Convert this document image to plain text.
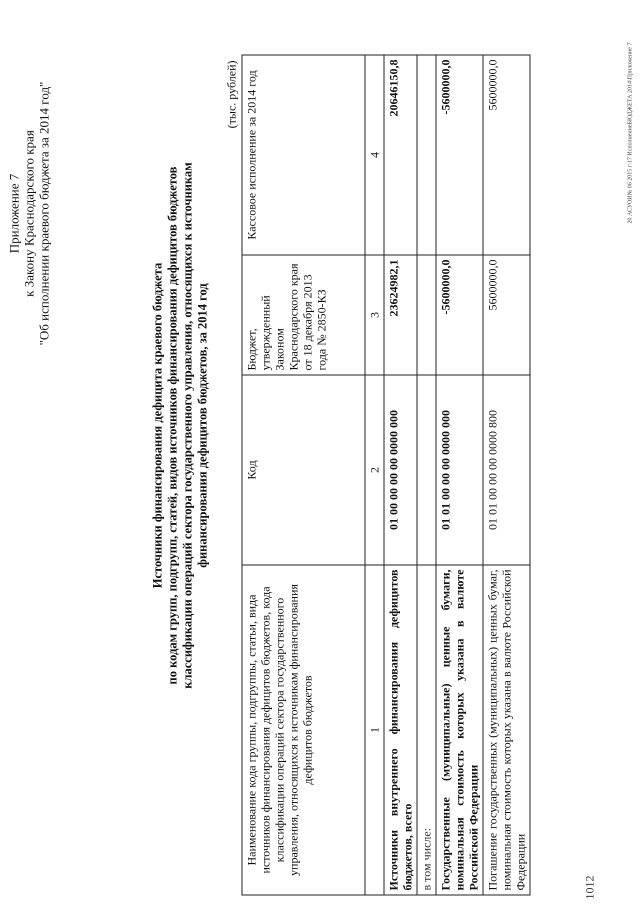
1012
Приложение 7 к Закону Краснодарского края "Об исполнении краевого бюджета за 2014 год"
Источники финансирования дефицита краевого бюджета по кодам групп, подгрупп, статей, видов источников финансирования дефицитов бюджетов классификации операций сектора государственного управления, относящихся к источникам финансирования дефицитов бюджетов, за 2014 год
(тыс. рублей)
Наименование кода группы, подгруппы, статьи, вида источников финансирования дефицитов бюджетов, кода классификации операций сектора государственного управления, относящихся к источникам финансирования дефицитов бюджетов	Код	Бюджет, утвержденный Законом Краснодарского края от 18 декабря 2013 года № 2850-КЗ	Кассовое исполнение за 2014 год
1	2	3	4
Источники внутреннего финансирования дефицитов бюджетов, всего	01 00 00 00 00 0000 000	23624982,1	20646150,8
в том числе:			
Государственные (муниципальные) ценные бумаги, номинальная стоимость которых указана в валюте Российской Федерации	01 01 00 00 00 0000 000	-5600000,0	-5600000,0
Погашение государственных (муниципальных) ценных бумаг, номинальная стоимость которых указана в валюте Российской Федерации	01 01 00 00 00 0000 800	5600000,0	5600000,0	20 АСУОИ№ 06 2015 г\17 ИсполнениеБЮДЖЕТА 2014\Приложение 7
